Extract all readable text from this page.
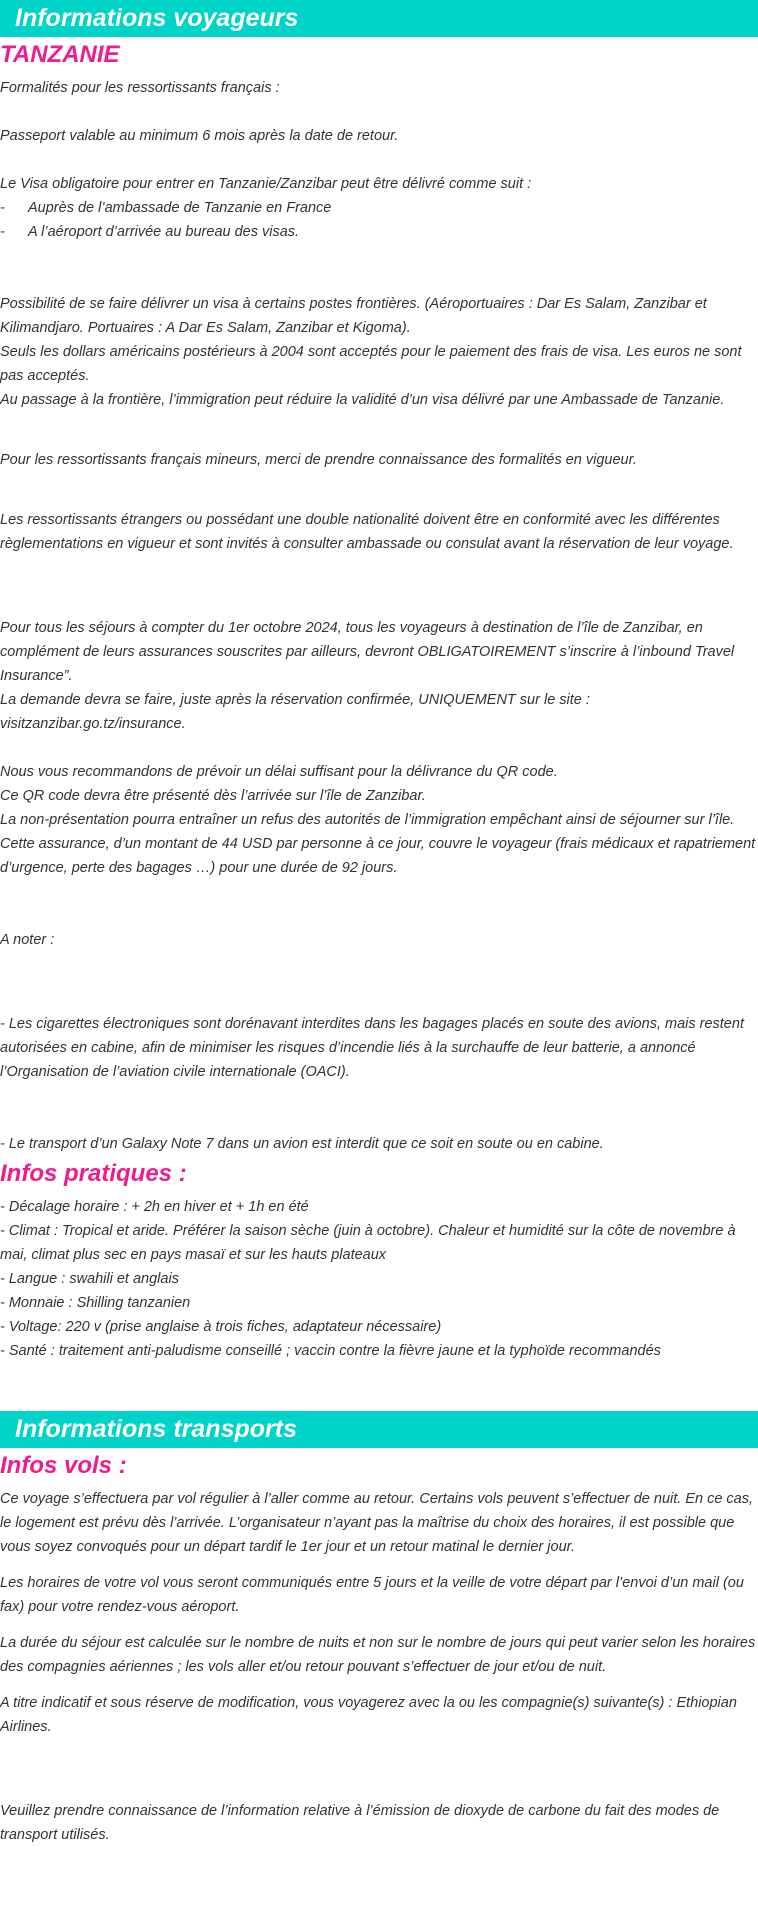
Informations voyageurs
TANZANIE

Formalités pour les ressortissants français :

Passeport valable au minimum 6 mois après la date de retour.

Le Visa obligatoire pour entrer en Tanzanie/Zanzibar peut être délivré comme suit :

-	Auprès de l’ambassade de Tanzanie en France
-	A l’aéroport d’arrivée au bureau des visas.

Possibilité de se faire délivrer un visa à certains postes frontières. (Aéroportuaires : Dar Es Salam, Zanzibar et Kilimandjaro. Portuaires : A Dar Es Salam, Zanzibar et Kigoma).
Seuls les dollars américains postérieurs à 2004 sont acceptés pour le paiement des frais de visa. Les euros ne sont pas acceptés.
Au passage à la frontière, l’immigration peut réduire la validité d’un visa délivré par une Ambassade de Tanzanie.

Pour les ressortissants français mineurs, merci de prendre connaissance des formalités en vigueur.

Les ressortissants étrangers ou possédant une double nationalité doivent être en conformité avec les différentes règlementations en vigueur et sont invités à consulter ambassade ou consulat avant la réservation de leur voyage.

Pour tous les séjours à compter du 1er octobre 2024, tous les voyageurs à destination de l’île de Zanzibar, en complément de leurs assurances souscrites par ailleurs, devront OBLIGATOIREMENT s’inscrire à l’inbound Travel Insurance”.
La demande devra se faire, juste après la réservation confirmée, UNIQUEMENT sur le site :
visitzanzibar.go.tz/insurance.

Nous vous recommandons de prévoir un délai suffisant pour la délivrance du QR code.
Ce QR code devra être présenté dès l’arrivée sur l’île de Zanzibar.
La non-présentation pourra entraîner un refus des autorités de l’immigration empêchant ainsi de séjourner sur l’île.
Cette assurance, d’un montant de 44 USD par personne à ce jour, couvre le voyageur (frais médicaux et rapatriement d’urgence, perte des bagages …) pour une durée de 92 jours.

A noter :

- Les cigarettes électroniques sont dorénavant interdites dans les bagages placés en soute des avions, mais restent autorisées en cabine, afin de minimiser les risques d’incendie liés à la surchauffe de leur batterie, a annoncé l’Organisation de l’aviation civile internationale (OACI).

- Le transport d’un Galaxy Note 7 dans un avion est interdit que ce soit en soute ou en cabine.

Infos pratiques :

- Décalage horaire : + 2h en hiver et + 1h en été
- Climat : Tropical et aride. Préférer la saison sèche (juin à octobre). Chaleur et humidité sur la côte de novembre à mai, climat plus sec en pays masaï et sur les hauts plateaux
- Langue : swahili et anglais
- Monnaie : Shilling tanzanien
- Voltage: 220 v (prise anglaise à trois fiches, adaptateur nécessaire)
- Santé : traitement anti-paludisme conseillé ; vaccin contre la fièvre jaune et la typhoïde recommandés

Informations transports
Infos vols :

Ce voyage s’effectuera par vol régulier à l’aller comme au retour. Certains vols peuvent s’effectuer de nuit. En ce cas, le logement est prévu dès l’arrivée. L’organisateur n’ayant pas la maîtrise du choix des horaires, il est possible que vous soyez convoqués pour un départ tardif le 1er jour et un retour matinal le dernier jour.

Les horaires de votre vol vous seront communiqués entre 5 jours et la veille de votre départ par l’envoi d’un mail (ou fax) pour votre rendez-vous aéroport.

La durée du séjour est calculée sur le nombre de nuits et non sur le nombre de jours qui peut varier selon les horaires des compagnies aériennes ; les vols aller et/ou retour pouvant s’effectuer de jour et/ou de nuit.

A titre indicatif et sous réserve de modification, vous voyagerez avec la ou les compagnie(s) suivante(s) : Ethiopian Airlines.

Veuillez prendre connaissance de l’information relative à l’émission de dioxyde de carbone du fait des modes de transport utilisés.
